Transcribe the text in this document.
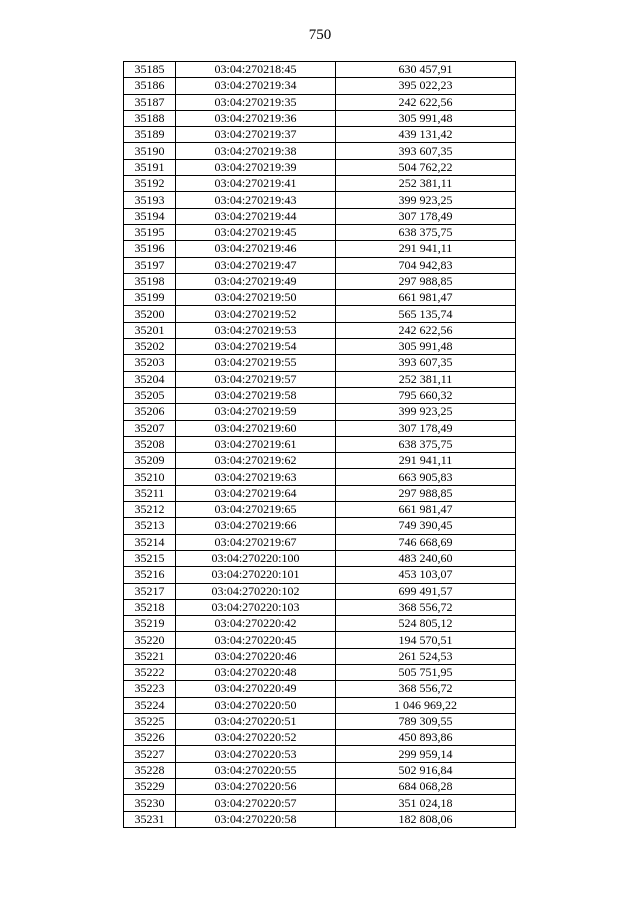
750
35185	03:04:270218:45	630 457,91
35186	03:04:270219:34	395 022,23
35187	03:04:270219:35	242 622,56
35188	03:04:270219:36	305 991,48
35189	03:04:270219:37	439 131,42
35190	03:04:270219:38	393 607,35
35191	03:04:270219:39	504 762,22
35192	03:04:270219:41	252 381,11
35193	03:04:270219:43	399 923,25
35194	03:04:270219:44	307 178,49
35195	03:04:270219:45	638 375,75
35196	03:04:270219:46	291 941,11
35197	03:04:270219:47	704 942,83
35198	03:04:270219:49	297 988,85
35199	03:04:270219:50	661 981,47
35200	03:04:270219:52	565 135,74
35201	03:04:270219:53	242 622,56
35202	03:04:270219:54	305 991,48
35203	03:04:270219:55	393 607,35
35204	03:04:270219:57	252 381,11
35205	03:04:270219:58	795 660,32
35206	03:04:270219:59	399 923,25
35207	03:04:270219:60	307 178,49
35208	03:04:270219:61	638 375,75
35209	03:04:270219:62	291 941,11
35210	03:04:270219:63	663 905,83
35211	03:04:270219:64	297 988,85
35212	03:04:270219:65	661 981,47
35213	03:04:270219:66	749 390,45
35214	03:04:270219:67	746 668,69
35215	03:04:270220:100	483 240,60
35216	03:04:270220:101	453 103,07
35217	03:04:270220:102	699 491,57
35218	03:04:270220:103	368 556,72
35219	03:04:270220:42	524 805,12
35220	03:04:270220:45	194 570,51
35221	03:04:270220:46	261 524,53
35222	03:04:270220:48	505 751,95
35223	03:04:270220:49	368 556,72
35224	03:04:270220:50	1 046 969,22
35225	03:04:270220:51	789 309,55
35226	03:04:270220:52	450 893,86
35227	03:04:270220:53	299 959,14
35228	03:04:270220:55	502 916,84
35229	03:04:270220:56	684 068,28
35230	03:04:270220:57	351 024,18
35231	03:04:270220:58	182 808,06
